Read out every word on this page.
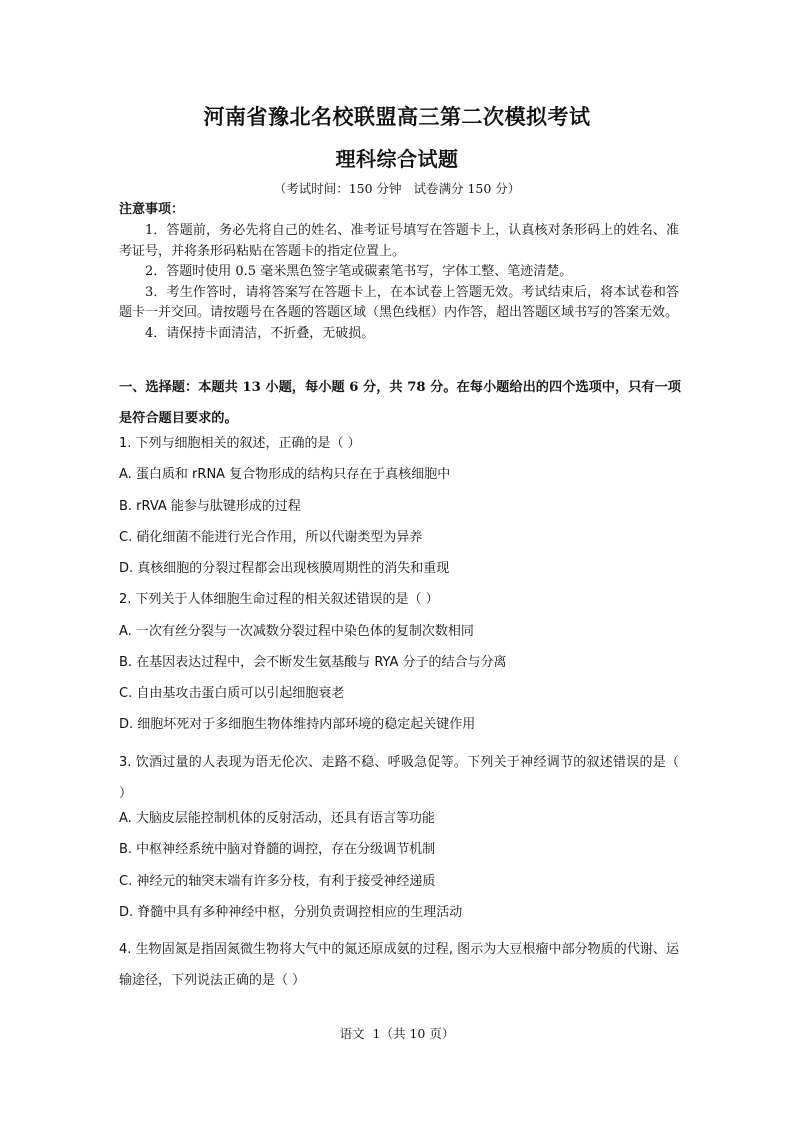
河南省豫北名校联盟高三第二次模拟考试
理科综合试题
（考试时间：150 分钟   试卷满分 150 分）
注意事项：

1．答题前，务必先将自己的姓名、准考证号填写在答题卡上，认真核对条形码上的姓名、准考证号，并将条形码粘贴在答题卡的指定位置上。

2．答题时使用 0.5 毫米黑色签字笔或碳素笔书写，字体工整、笔迹清楚。

3．考生作答时，请将答案写在答题卡上，在本试卷上答题无效。考试结束后，将本试卷和答题卡一并交回。请按题号在各题的答题区域（黑色线框）内作答，超出答题区域书写的答案无效。

4．请保持卡面清洁，不折叠，无破损。

一、选择题：本题共 13 小题，每小题 6 分，共 78 分。在每小题给出的四个选项中，只有一项是符合题目要求的。
1. 下列与细胞相关的叙述，正确的是（ ）
A. 蛋白质和 rRNA 复合物形成的结构只存在于真核细胞中
B. rRVA 能参与肽键形成的过程
C. 硝化细菌不能进行光合作用，所以代谢类型为异养
D. 真核细胞的分裂过程都会出现核膜周期性的消失和重现
2. 下列关于人体细胞生命过程的相关叙述错误的是（ ）
A. 一次有丝分裂与一次减数分裂过程中染色体的复制次数相同
B. 在基因表达过程中，会不断发生氨基酸与 RYA 分子的结合与分离
C. 自由基攻击蛋白质可以引起细胞衰老
D. 细胞坏死对于多细胞生物体维持内部环境的稳定起关键作用
3. 饮酒过量的人表现为语无伦次、走路不稳、呼吸急促等。下列关于神经调节的叙述错误的是（ ）
A. 大脑皮层能控制机体的反射活动，还具有语言等功能
B. 中枢神经系统中脑对脊髓的调控，存在分级调节机制
C. 神经元的轴突末端有许多分枝，有利于接受神经递质
D. 脊髓中具有多种神经中枢，分别负责调控相应的生理活动
4. 生物固氮是指固氮微生物将大气中的氮还原成氨的过程, 图示为大豆根瘤中部分物质的代谢、运输途径，下列说法正确的是（ ）
语文  1（共 10 页）
